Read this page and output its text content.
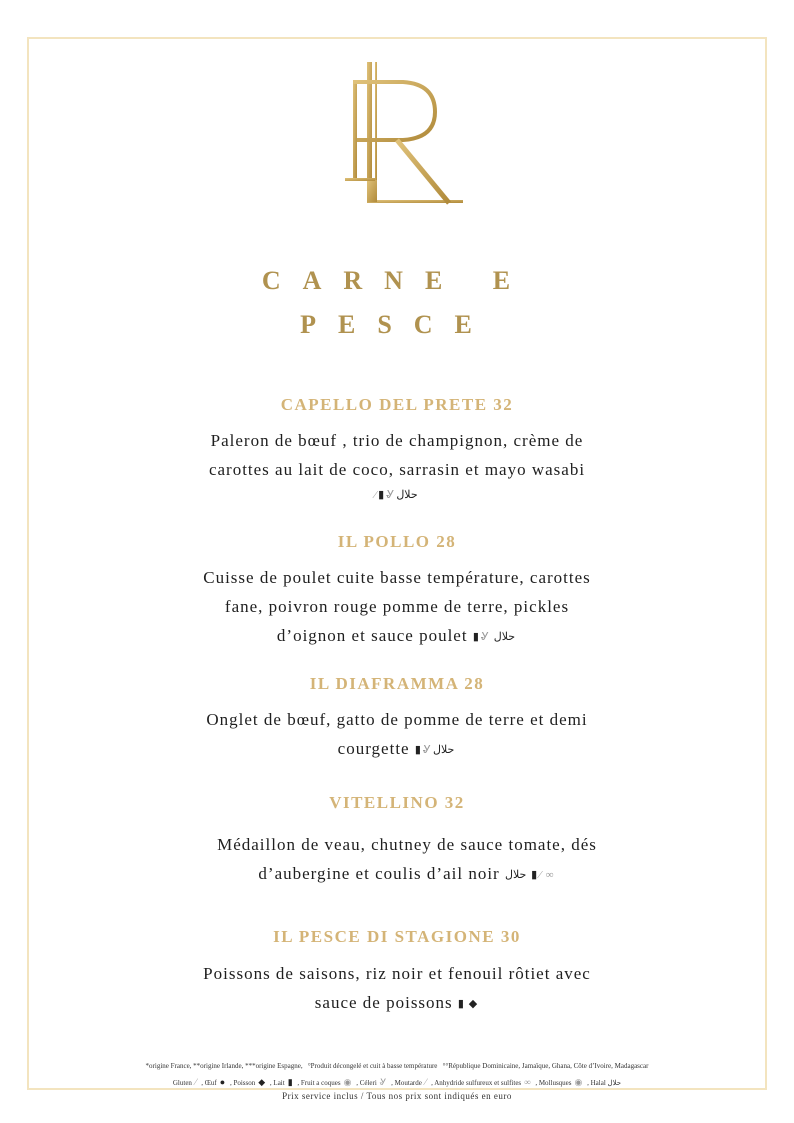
CARNE E
PESCE
CAPELLO DEL PRETE 32
Paleron de bœuf , trio de champignon, crème de
carottes au lait de coco, sarrasin et mayo wasabi
⁄ ▮ Ꮍ حلال
IL POLLO 28
Cuisse de poulet cuite basse température, carottes
fane, poivron rouge pomme de terre, pickles
d’oignon et sauce poulet ▮ Ꮍ حلال
IL DIAFRAMMA 28
Onglet de bœuf, gatto de pomme de terre et demi
courgette ▮ Ꮍ حلال
VITELLINO 32
Médaillon de veau, chutney de sauce tomate, dés
d’aubergine et coulis d’ail noir حلال ▮ ⁄ ∞
IL PESCE DI STAGIONE 30
Poissons de saisons, riz noir et fenouil rôtiet avec
sauce de poissons ▮ ◆
*origine France, **origine Irlande, ***origine Espagne, °Produit décongelé et cuit à basse température °°République Dominicaine, Jamaïque, Ghana, Côte d’Ivoire, Madagascar
Gluten ⁄ , Œuf ● , Poisson ◆ , Lait ▮ , Fruit a coques ◉ , Céleri Ꮍ , Moutarde ⁄ , Anhydride sulfureux et sulfites ∞ , Mollusques ◉ , Halal حلال
Prix service inclus / Tous nos prix sont indiqués en euro
